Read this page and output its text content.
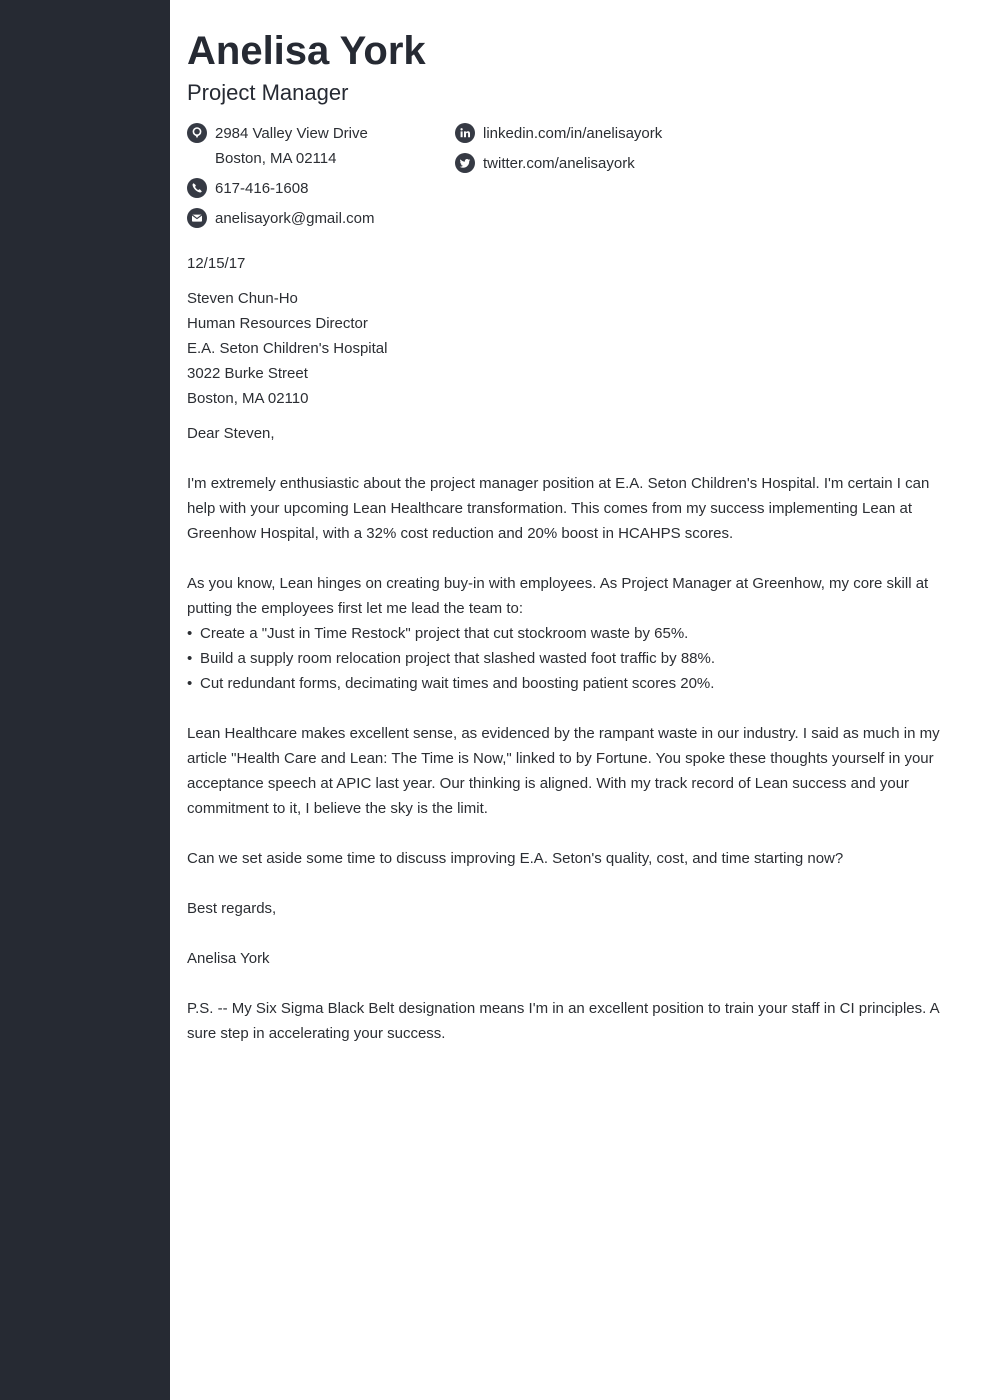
Anelisa York
Project Manager
2984 Valley View Drive
Boston, MA 02114
617-416-1608
anelisayork@gmail.com
linkedin.com/in/anelisayork
twitter.com/anelisayork

12/15/17

Steven Chun-Ho

Human Resources Director

E.A. Seton Children's Hospital

3022 Burke Street

Boston, MA 02110

Dear Steven,

I'm extremely enthusiastic about the project manager position at E.A. Seton Children's Hospital. I'm certain I can help with your upcoming Lean Healthcare transformation. This comes from my success implementing Lean at Greenhow Hospital, with a 32% cost reduction and 20% boost in HCAHPS scores.

As you know, Lean hinges on creating buy-in with employees. As Project Manager at Greenhow, my core skill at putting the employees first let me lead the team to:

• Create a "Just in Time Restock" project that cut stockroom waste by 65%.
• Build a supply room relocation project that slashed wasted foot traffic by 88%.
• Cut redundant forms, decimating wait times and boosting patient scores 20%.

Lean Healthcare makes excellent sense, as evidenced by the rampant waste in our industry. I said as much in my article "Health Care and Lean: The Time is Now," linked to by Fortune. You spoke these thoughts yourself in your acceptance speech at APIC last year. Our thinking is aligned. With my track record of Lean success and your commitment to it, I believe the sky is the limit.

Can we set aside some time to discuss improving E.A. Seton's quality, cost, and time starting now?

Best regards,

Anelisa York

P.S. -- My Six Sigma Black Belt designation means I'm in an excellent position to train your staff in CI principles. A sure step in accelerating your success.
